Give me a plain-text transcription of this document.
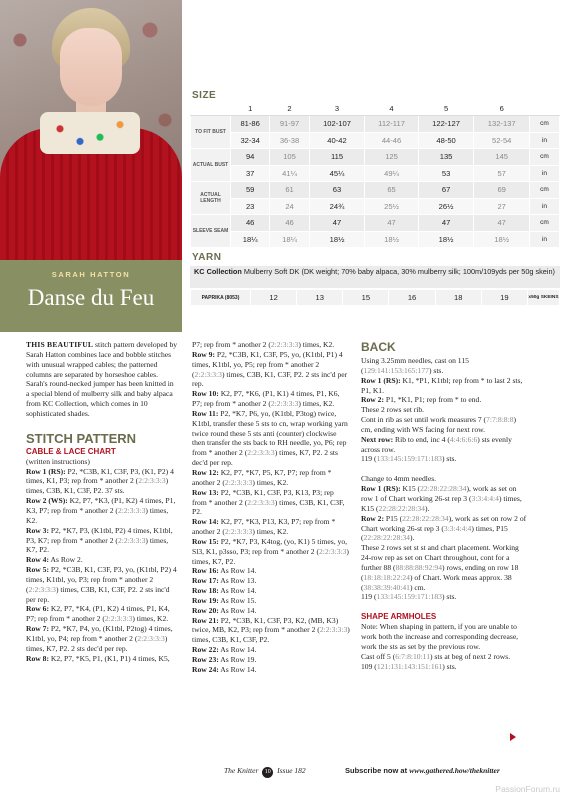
SARAH HATTON
Danse du Feu
SIZE
	1	2	3	4	5	6	
TO FIT BUST	81-86	91-97	102-107	112-117	122-127	132-137	cm
	32-34	36-38	40-42	44-46	48-50	52-54	in
ACTUAL BUST	94	105	115	125	135	145	cm
	37	41¼	45¼	49¼	53	57	in
ACTUAL LENGTH	59	61	63	65	67	69	cm
	23	24	24¾	25½	26½	27	in
SLEEVE SEAM	46	46	47	47	47	47	cm
	18¼	18¼	18½	18½	18½	18½	in
YARN
KC Collection Mulberry Soft DK (DK weight; 70% baby alpaca, 30% mulberry silk; 100m/109yds per 50g skein)
PAPRIKA (8053)	12	13	15	16	18	19	x50g SKEINS

THIS BEAUTIFUL stitch pattern developed by Sarah Hatton combines lace and bobble stitches with unusual wrapped cables; the patterned columns are separated by horseshoe cables. Sarah's round-necked jumper has been knitted in a special blend of mulberry silk and baby alpaca from KC Collection, which comes in 10 sophisticated shades.

STITCH PATTERN
CABLE & LACE CHART

(written instructions)

Row 1 (RS): P2, *C3B, K1, C3F, P3, (K1, P2) 4 times, K1, P3; rep from * another 2 (2:2:3:3:3) times, C3B, K1, C3F, P2. 37 sts.

Row 2 (WS): K2, P7, *K3, (P1, K2) 4 times, P1, K3, P7; rep from * another 2 (2:2:3:3:3) times, K2.

Row 3: P2, *K7, P3, (K1tbl, P2) 4 times, K1tbl, P3, K7; rep from * another 2 (2:2:3:3:3) times, K7, P2.

Row 4: As Row 2.

Row 5: P2, *C3B, K1, C3F, P3, yo, (K1tbl, P2) 4 times, K1tbl, yo, P3; rep from * another 2 (2:2:3:3:3) times, C3B, K1, C3F, P2. 2 sts inc'd per rep.

Row 6: K2, P7, *K4, (P1, K2) 4 times, P1, K4, P7; rep from * another 2 (2:2:3:3:3) times, K2.

Row 7: P2, *K7, P4, yo, (K1tbl, P2tog) 4 times, K1tbl, yo, P4; rep from * another 2 (2:2:3:3:3) times, K7, P2. 2 sts dec'd per rep.

Row 8: K2, P7, *K5, P1, (K1, P1) 4 times, K5,

P7; rep from * another 2 (2:2:3:3:3) times, K2.

Row 9: P2, *C3B, K1, C3F, P5, yo, (K1tbl, P1) 4 times, K1tbl, yo, P5; rep from * another 2 (2:2:3:3:3) times, C3B, K1, C3F, P2. 2 sts inc'd per rep.

Row 10: K2, P7, *K6, (P1, K1) 4 times, P1, K6, P7; rep from * another 2 (2:2:3:3:3) times, K2.

Row 11: P2, *K7, P6, yo, (K1tbl, P3tog) twice, K1tbl, transfer these 5 sts to cn, wrap working yarn twice round these 5 sts anti (counter) clockwise then transfer the sts back to RH needle, yo, P6; rep from * another 2 (2:2:3:3:3) times, K7, P2. 2 sts dec'd per rep.

Row 12: K2, P7, *K7, P5, K7, P7; rep from * another 2 (2:2:3:3:3) times, K2.

Row 13: P2, *C3B, K1, C3F, P3, K13, P3; rep from * another 2 (2:2:3:3:3) times, C3B, K1, C3F, P2.

Row 14: K2, P7, *K3, P13, K3, P7; rep from * another 2 (2:2:3:3:3) times, K2.

Row 15: P2, *K7, P3, K4tog, (yo, K1) 5 times, yo, Sl3, K1, p3sso, P3; rep from * another 2 (2:2:3:3:3) times, K7, P2.

Row 16: As Row 14.

Row 17: As Row 13.

Row 18: As Row 14.

Row 19: As Row 15.

Row 20: As Row 14.

Row 21: P2, *C3B, K1, C3F, P3, K2, (MB, K3) twice, MB, K2, P3; rep from * another 2 (2:2:3:3:3) times, C3B, K1, C3F, P2.

Row 22: As Row 14.

Row 23: As Row 19.

Row 24: As Row 14.

BACK

Using 3.25mm needles, cast on 115 (129:141:153:165:177) sts.

Row 1 (RS): K1, *P1, K1tbl; rep from * to last 2 sts, P1, K1.

Row 2: P1, *K1, P1; rep from * to end.

These 2 rows set rib.

Cont in rib as set until work measures 7 (7:7:8:8:8) cm, ending with WS facing for next row.

Next row: Rib to end, inc 4 (4:4:6:6:6) sts evenly across row.

119 (133:145:159:171:183) sts.

Change to 4mm needles.

Row 1 (RS): K15 (22:28:22:28:34), work as set on row 1 of Chart working 26-st rep 3 (3:3:4:4:4) times, K15 (22:28:22:28:34).

Row 2: P15 (22:28:22:28:34), work as set on row 2 of Chart working 26-st rep 3 (3:3:4:4:4) times, P15 (22:28:22:28:34).

These 2 rows set st st and chart placement. Working 24-row rep as set on Chart throughout, cont for a further 88 (88:88:88:92:94) rows, ending on row 18 (18:18:18:22:24) of Chart. Work meas approx. 38 (38:38:39:40:41) cm.

119 (133:145:159:171:183) sts.

SHAPE ARMHOLES

Note: When shaping in pattern, if you are unable to work both the increase and corresponding decrease, work the sts as set by the previous row.

Cast off 5 (6:7:8:10:11) sts at beg of next 2 rows.

109 (121:131:143:151:161) sts.

The Knitter 10 Issue 182	Subscribe now at www.gathered.how/theknitter
PassionForum.ru
